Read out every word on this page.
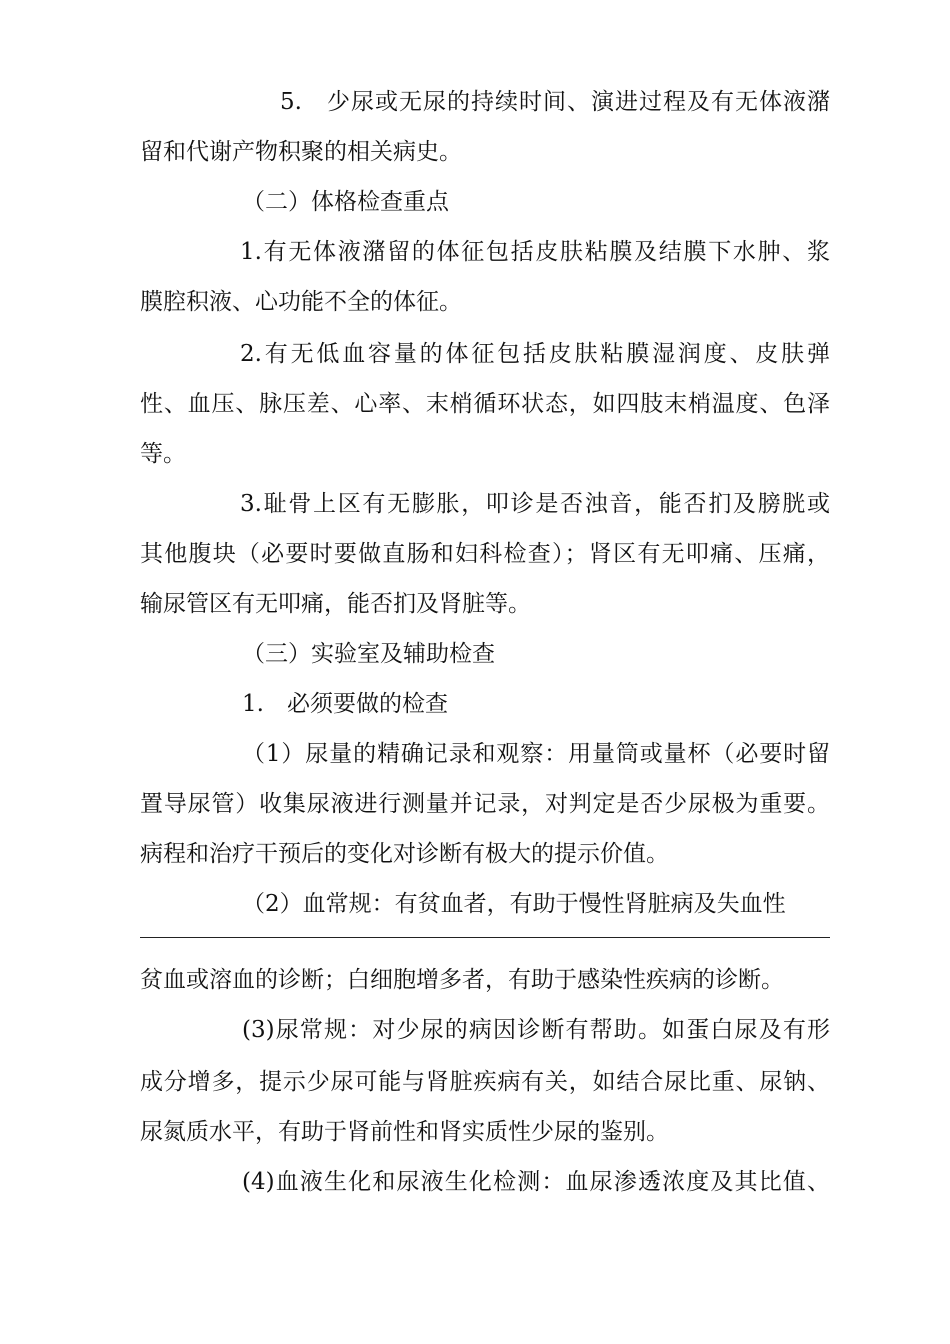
5.　少尿或无尿的持续时间、演进过程及有无体液潴
留和代谢产物积聚的相关病史。
（二）体格检查重点
1.有无体液潴留的体征包括皮肤粘膜及结膜下水肿、浆
膜腔积液、心功能不全的体征。
2.有无低血容量的体征包括皮肤粘膜湿润度、皮肤弹
性、血压、脉压差、心率、末梢循环状态，如四肢末梢温度、色泽
等。
3.耻骨上区有无膨胀，叩诊是否浊音，能否扪及膀胱或
其他腹块（必要时要做直肠和妇科检查）；肾区有无叩痛、压痛，
输尿管区有无叩痛，能否扪及肾脏等。
（三）实验室及辅助检查
1.　必须要做的检查
（1）尿量的精确记录和观察：用量筒或量杯（必要时留
置导尿管）收集尿液进行测量并记录，对判定是否少尿极为重要。
病程和治疗干预后的变化对诊断有极大的提示价值。
（2）血常规：有贫血者，有助于慢性肾脏病及失血性
贫血或溶血的诊断；白细胞增多者，有助于感染性疾病的诊断。
(3)尿常规：对少尿的病因诊断有帮助。如蛋白尿及有形
成分增多，提示少尿可能与肾脏疾病有关，如结合尿比重、尿钠、
尿氮质水平，有助于肾前性和肾实质性少尿的鉴别。
(4)血液生化和尿液生化检测：血尿渗透浓度及其比值、
